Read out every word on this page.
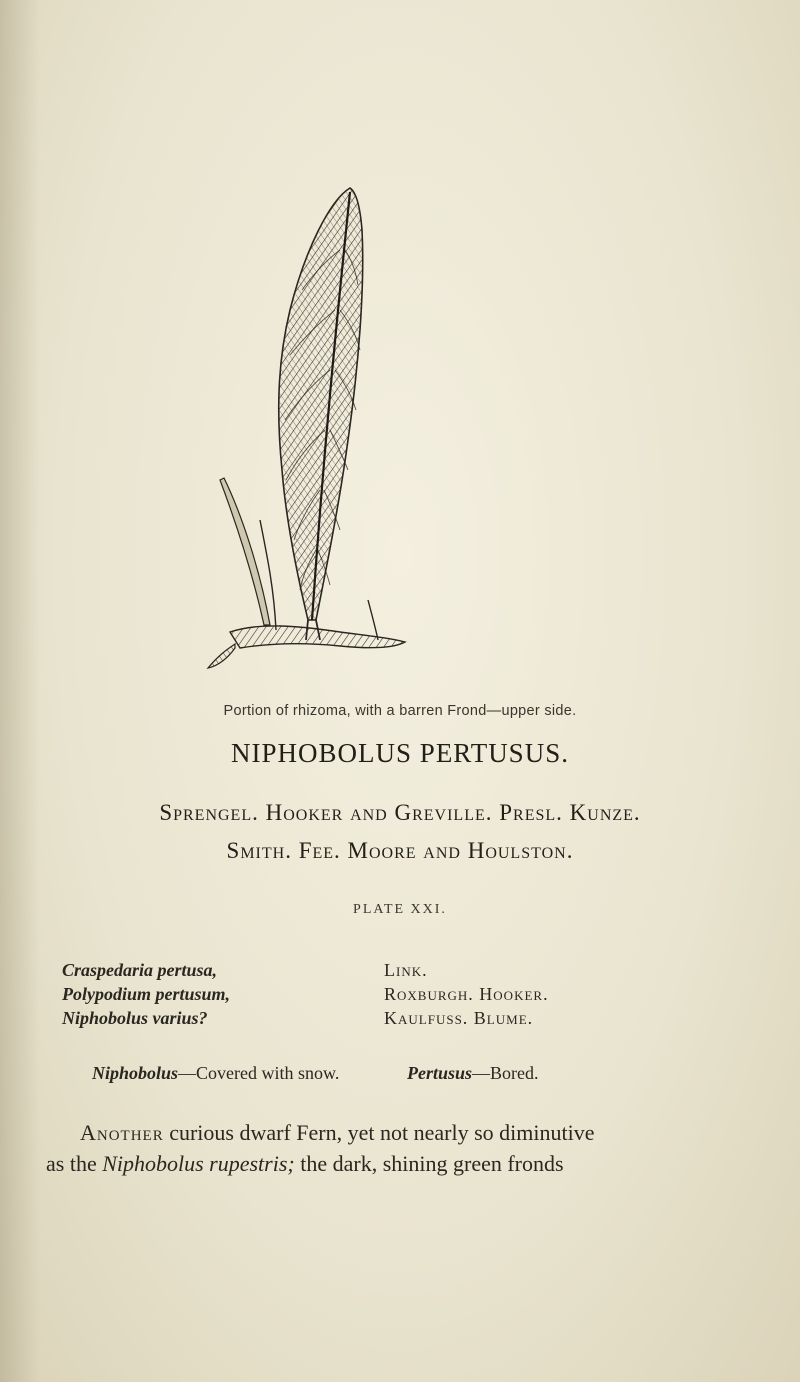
Portion of rhizoma, with a barren Frond—upper side.
NIPHOBOLUS PERTUSUS.
Sprengel. Hooker and Greville. Presl. Kunze.
Smith. Fee. Moore and Houlston.
PLATE XXI.
Craspedaria pertusa,
Polypodium pertusum,
Niphobolus varius?
Link.
Roxburgh. Hooker.
Kaulfuss. Blume.
Niphobolus—Covered with snow.	Pertusus—Bored.
Another curious dwarf Fern, yet not nearly so diminutive
as the Niphobolus rupestris; the dark, shining green fronds
